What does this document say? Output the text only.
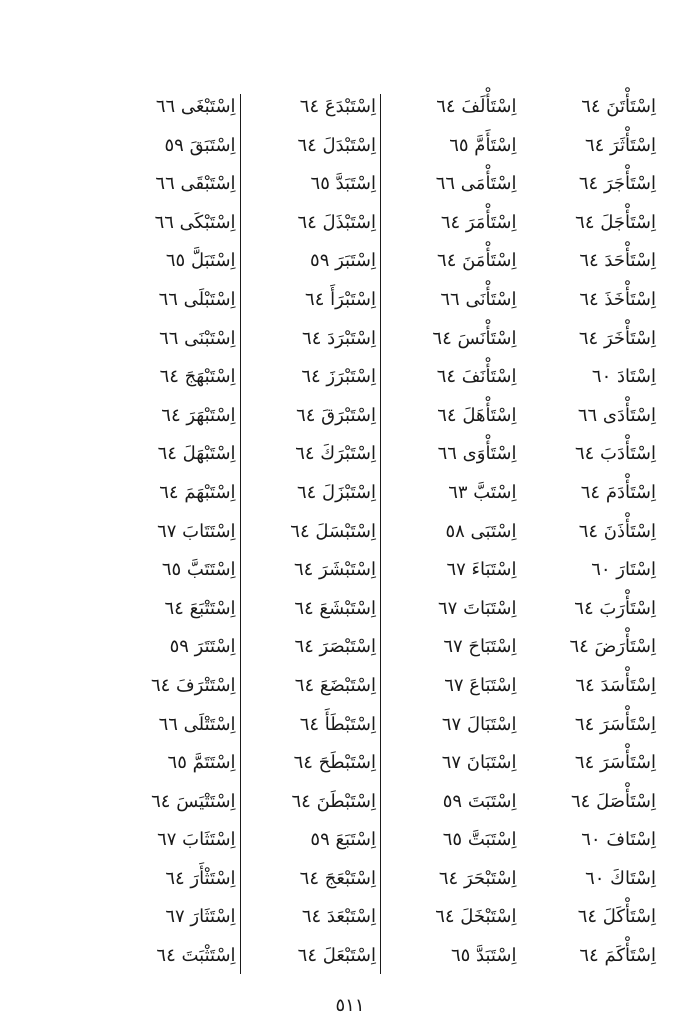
اِسْتَأْتَنَ ٦٤
اِسْتَأْثَرَ ٦٤
اِسْتَأْجَرَ ٦٤
اِسْتَأْجَلَ ٦٤
اِسْتَأْحَدَ ٦٤
اِسْتَأْخَذَ ٦٤
اِسْتَأْخَرَ ٦٤
اِسْتَادَ ٦٠
اِسْتَأْدَى ٦٦
اِسْتَأْدَبَ ٦٤
اِسْتَأْدَمَ ٦٤
اِسْتَأْذَنَ ٦٤
اِسْتَارَ ٦٠
اِسْتَأْرَبَ ٦٤
اِسْتَأْرَضَ ٦٤
اِسْتَأْسَدَ ٦٤
اِسْتَأْسَرَ ٦٤
اِسْتَأْسَرَ ٦٤
اِسْتَأْصَلَ ٦٤
اِسْتَافَ ٦٠
اِسْتَاكَ ٦٠
اِسْتَأْكَلَ ٦٤
اِسْتَأْكَمَ ٦٤
اِسْتَأْلَفَ ٦٤
اِسْتَأَمَّ ٦٥
اِسْتَأْمَى ٦٦
اِسْتَأْمَرَ ٦٤
اِسْتَأْمَنَ ٦٤
اِسْتَأْنَى ٦٦
اِسْتَأْنَسَ ٦٤
اِسْتَأْنَفَ ٦٤
اِسْتَأْهَلَ ٦٤
اِسْتَأْوَى ٦٦
اِسْتَبَّ ٦٣
اِسْتَبَى ٥٨
اِسْتَبَاءَ ٦٧
اِسْتَبَاتَ ٦٧
اِسْتَبَاحَ ٦٧
اِسْتَبَاعَ ٦٧
اِسْتَبَالَ ٦٧
اِسْتَبَانَ ٦٧
اِسْتَبَتَ ٥٩
اِسْتَبَتَّ ٦٥
اِسْتَبْحَرَ ٦٤
اِسْتَبْخَلَ ٦٤
اِسْتَبَدَّ ٦٥
اِسْتَبْدَعَ ٦٤
اِسْتَبْدَلَ ٦٤
اِسْتَبَدَّ ٦٥
اِسْتَبْذَلَ ٦٤
اِسْتَبَرَ ٥٩
اِسْتَبْرَأَ ٦٤
اِسْتَبْرَدَ ٦٤
اِسْتَبْرَزَ ٦٤
اِسْتَبْرَقَ ٦٤
اِسْتَبْرَكَ ٦٤
اِسْتَبْزَلَ ٦٤
اِسْتَبْسَلَ ٦٤
اِسْتَبْشَرَ ٦٤
اِسْتَبْشَعَ ٦٤
اِسْتَبْصَرَ ٦٤
اِسْتَبْضَعَ ٦٤
اِسْتَبْطَأَ ٦٤
اِسْتَبْطَحَ ٦٤
اِسْتَبْطَنَ ٦٤
اِسْتَبَعَ ٥٩
اِسْتَبْعَجَ ٦٤
اِسْتَبْعَدَ ٦٤
اِسْتَبْعَلَ ٦٤
اِسْتَبْغَى ٦٦
اِسْتَبَقَ ٥٩
اِسْتَبْقَى ٦٦
اِسْتَبْكَى ٦٦
اِسْتَبَلَّ ٦٥
اِسْتَبْلَى ٦٦
اِسْتَبْنَى ٦٦
اِسْتَبْهَجَ ٦٤
اِسْتَبْهَرَ ٦٤
اِسْتَبْهَلَ ٦٤
اِسْتَبْهَمَ ٦٤
اِسْتَتَابَ ٦٧
اِسْتَتَبَّ ٦٥
اِسْتَتْبَعَ ٦٤
اِسْتَتَرَ ٥٩
اِسْتَتْرَفَ ٦٤
اِسْتَتْلَى ٦٦
اِسْتَتَمَّ ٦٥
اِسْتَتْيَسَ ٦٤
اِسْتَثَابَ ٦٧
اِسْتَثْأَرَ ٦٤
اِسْتَثَارَ ٦٧
اِسْتَثْبَتَ ٦٤
٥١١
